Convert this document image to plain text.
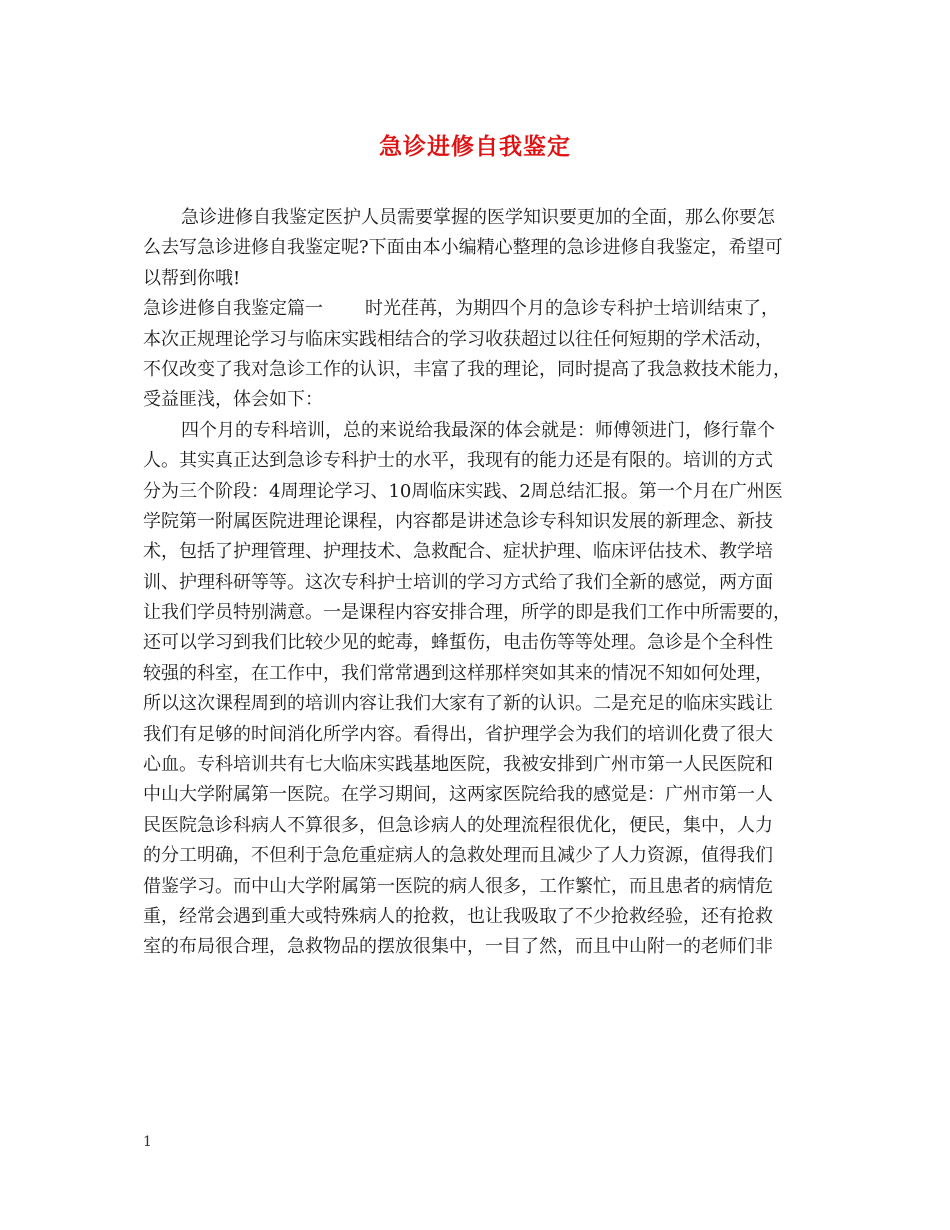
急诊进修自我鉴定
急诊进修自我鉴定医护人员需要掌握的医学知识要更加的全面，那么你要怎
么去写急诊进修自我鉴定呢?下面由本小编精心整理的急诊进修自我鉴定，希望可
以帮到你哦!
急诊进修自我鉴定篇一 时光荏苒，为期四个月的急诊专科护士培训结束了，
本次正规理论学习与临床实践相结合的学习收获超过以往任何短期的学术活动，
不仅改变了我对急诊工作的认识，丰富了我的理论，同时提高了我急救技术能力，
受益匪浅，体会如下：
四个月的专科培训，总的来说给我最深的体会就是：师傅领进门，修行靠个
人。其实真正达到急诊专科护士的水平，我现有的能力还是有限的。培训的方式
分为三个阶段：4周理论学习、10周临床实践、2周总结汇报。第一个月在广州医
学院第一附属医院进理论课程，内容都是讲述急诊专科知识发展的新理念、新技
术，包括了护理管理、护理技术、急救配合、症状护理、临床评估技术、教学培
训、护理科研等等。这次专科护士培训的学习方式给了我们全新的感觉，两方面
让我们学员特别满意。一是课程内容安排合理，所学的即是我们工作中所需要的，
还可以学习到我们比较少见的蛇毒，蜂蜇伤，电击伤等等处理。急诊是个全科性
较强的科室，在工作中，我们常常遇到这样那样突如其来的情况不知如何处理，
所以这次课程周到的培训内容让我们大家有了新的认识。二是充足的临床实践让
我们有足够的时间消化所学内容。看得出，省护理学会为我们的培训化费了很大
心血。专科培训共有七大临床实践基地医院，我被安排到广州市第一人民医院和
中山大学附属第一医院。在学习期间，这两家医院给我的感觉是：广州市第一人
民医院急诊科病人不算很多，但急诊病人的处理流程很优化，便民，集中，人力
的分工明确，不但利于急危重症病人的急救处理而且减少了人力资源，值得我们
借鉴学习。而中山大学附属第一医院的病人很多，工作繁忙，而且患者的病情危
重，经常会遇到重大或特殊病人的抢救，也让我吸取了不少抢救经验，还有抢救
室的布局很合理，急救物品的摆放很集中，一目了然，而且中山附一的老师们非
1
